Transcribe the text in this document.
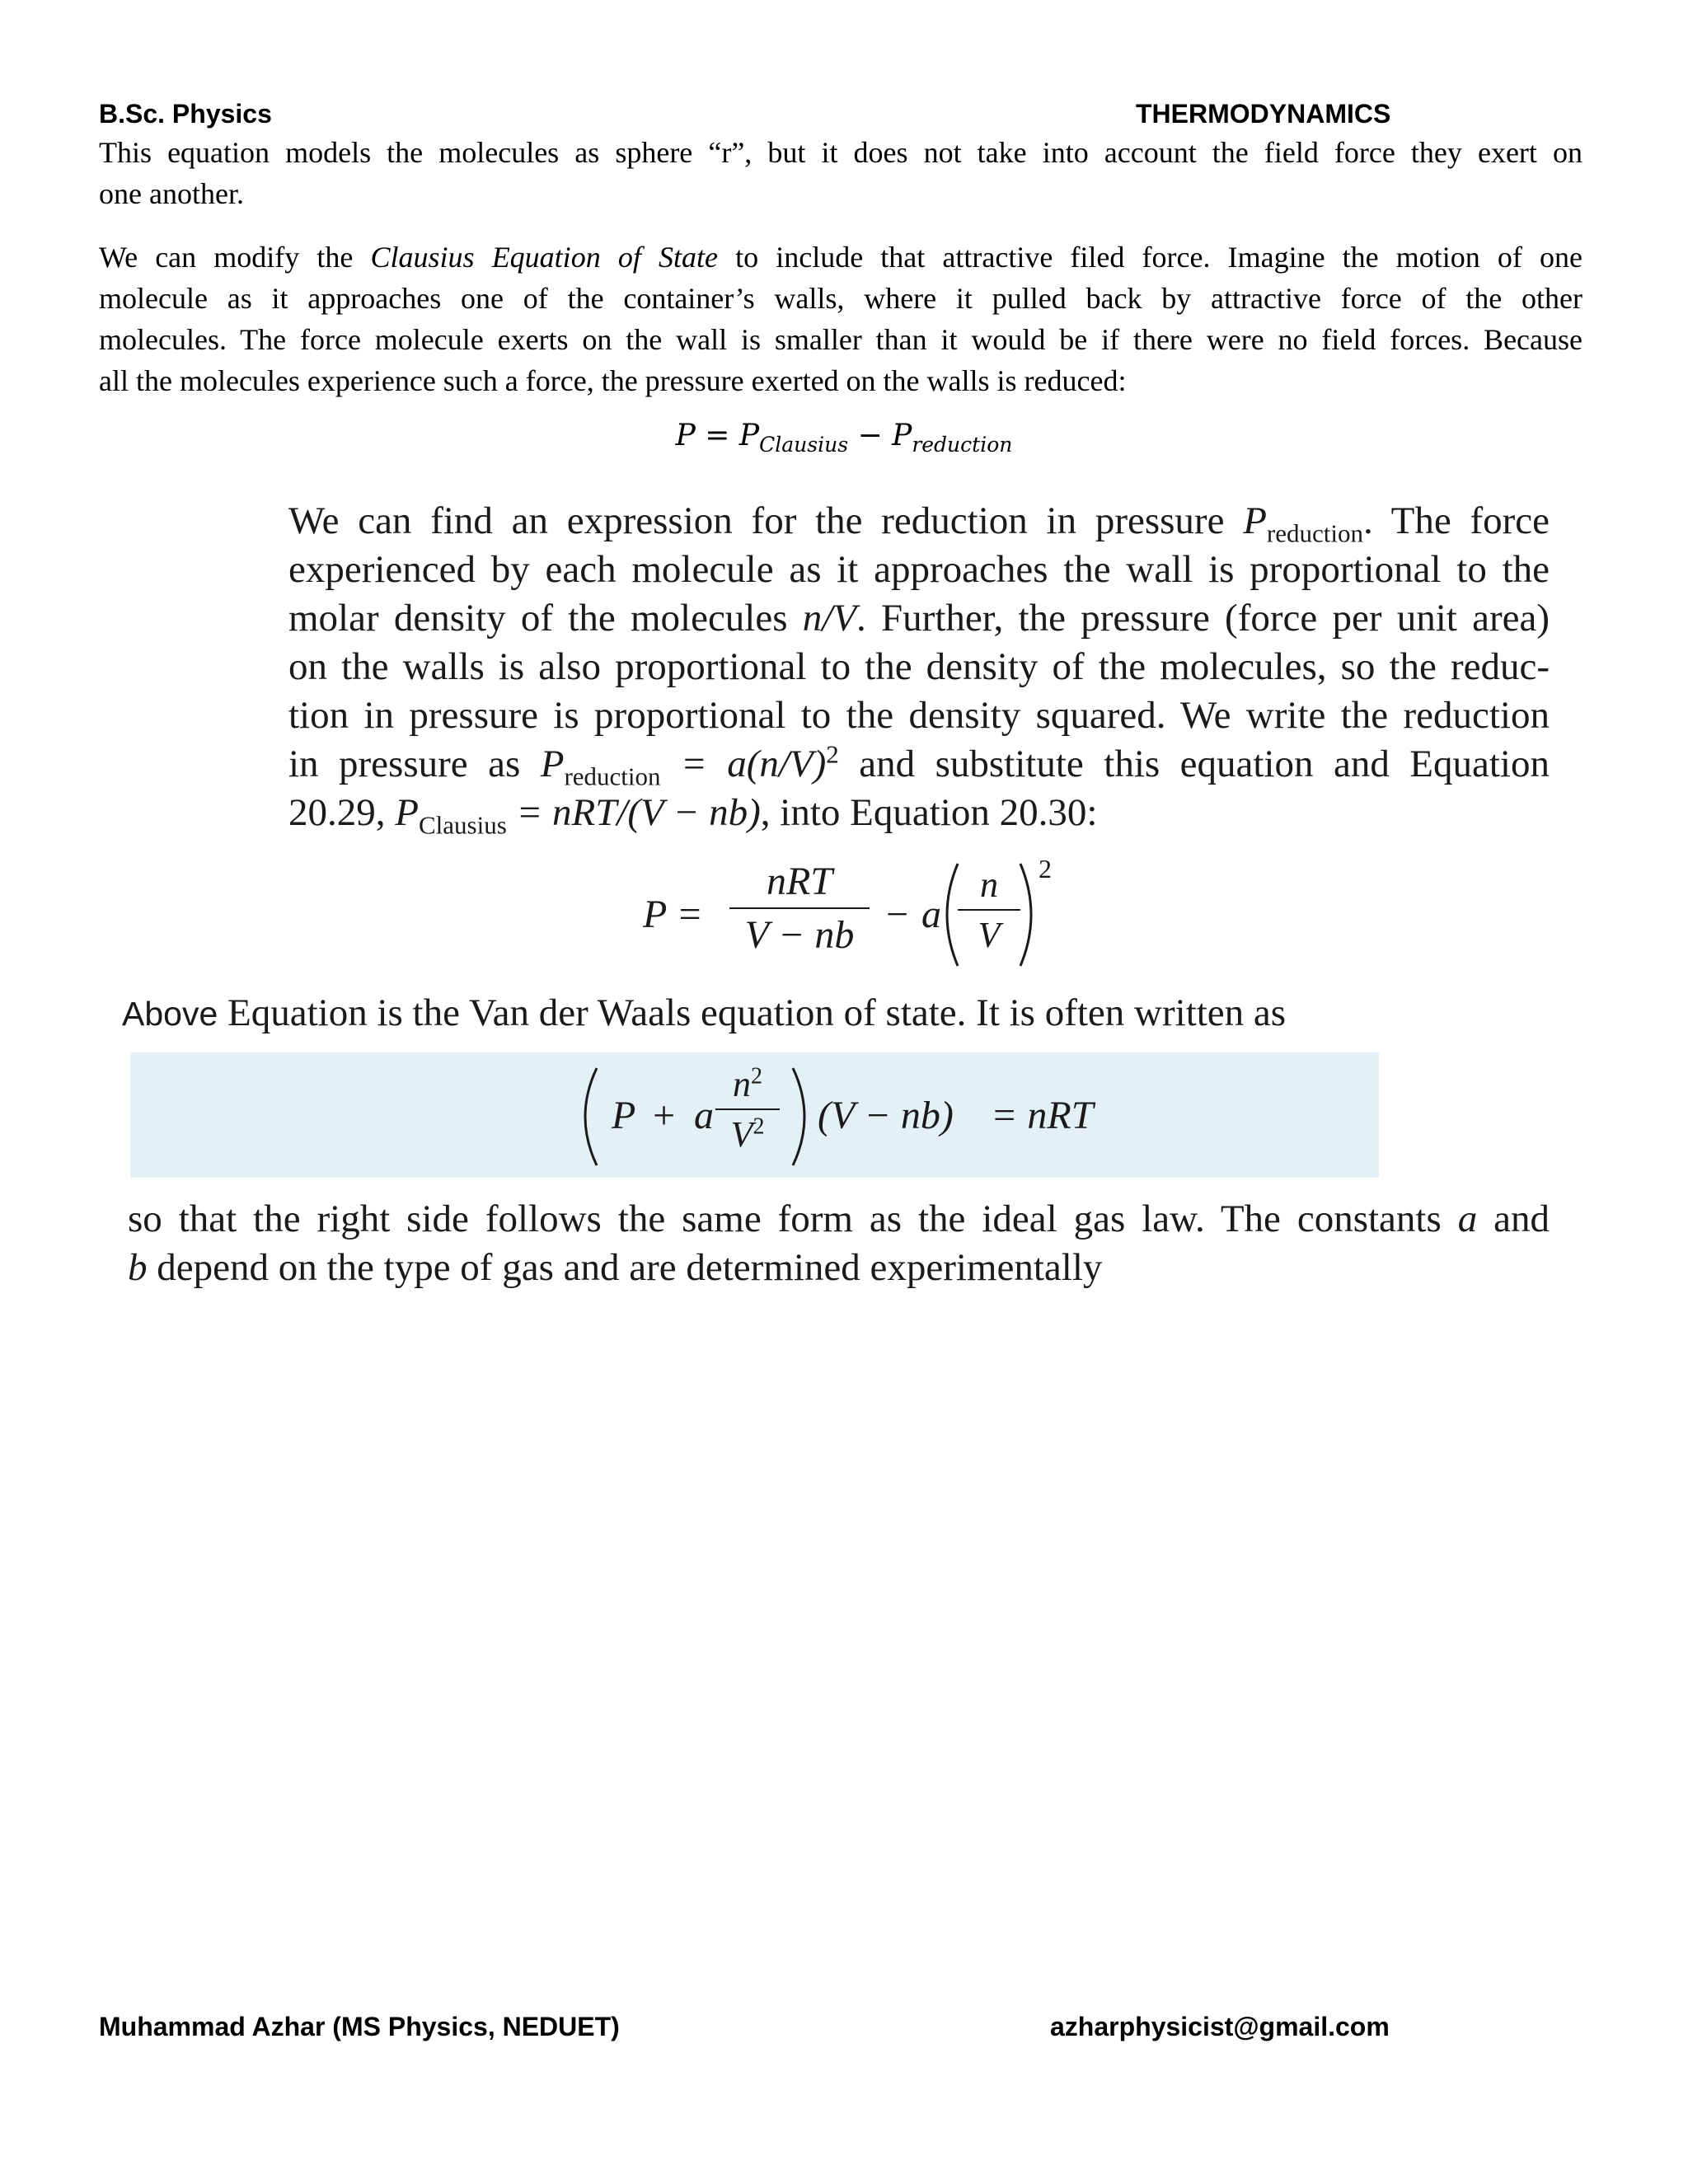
B.Sc. Physics	THERMODYNAMICS
This equation models the molecules as sphere “r”, but it does not take into account the field force they exert on
one another.
We can modify the Clausius Equation of State to include that attractive filed force. Imagine the motion of one
molecule as it approaches one of the container’s walls, where it pulled back by attractive force of the other
molecules. The force molecule exerts on the wall is smaller than it would be if there were no field forces. Because
all the molecules experience such a force, the pressure exerted on the walls is reduced:
$P = P_{Clausius} - P_{reduction}$
We can find an expression for the reduction in pressure $P_{reduction}$. The force
experienced by each molecule as it approaches the wall is proportional to the
molar density of the molecules n/V. Further, the pressure (force per unit area)
on the walls is also proportional to the density of the molecules, so the reduc-
tion in pressure is proportional to the density squared. We write the reduction
in pressure as $P_{reduction} = a(n/V)^2$ and substitute this equation and Equation
20.29, $P_{Clausius} = nRT/(V - nb)$, into Equation 20.30:
P =
nRT
V − nb − a
n
V
2
Above Equation is the Van der Waals equation of state. It is often written as
P + a
$n^2$
$V^2$	(V − nb) = nRT
so that the right side follows the same form as the ideal gas law. The constants a and
b depend on the type of gas and are determined experimentally
Muhammad Azhar (MS Physics, NEDUET)	azharphysicist@gmail.com
